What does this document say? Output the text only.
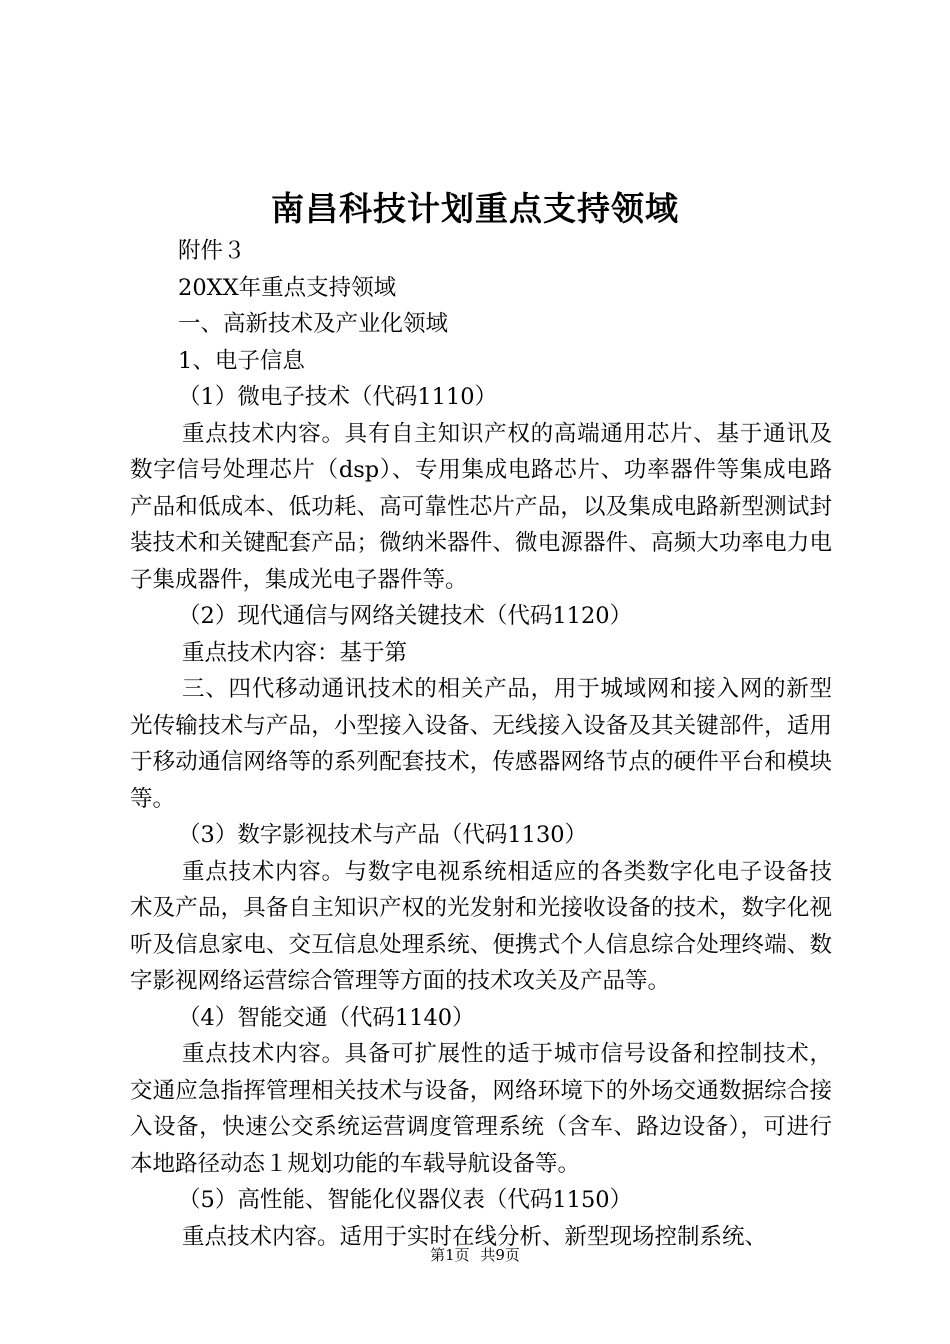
南昌科技计划重点支持领域

附件３

20XX年重点支持领域

一、高新技术及产业化领域

1、电子信息

（1）微电子技术（代码1110）

重点技术内容。具有自主知识产权的高端通用芯片、基于通讯及数字信号处理芯片（dsp）、专用集成电路芯片、功率器件等集成电路产品和低成本、低功耗、高可靠性芯片产品，以及集成电路新型测试封装技术和关键配套产品；微纳米器件、微电源器件、高频大功率电力电子集成器件，集成光电子器件等。

（2）现代通信与网络关键技术（代码1120）

重点技术内容：基于第

三、四代移动通讯技术的相关产品，用于城域网和接入网的新型光传输技术与产品，小型接入设备、无线接入设备及其关键部件，适用于移动通信网络等的系列配套技术，传感器网络节点的硬件平台和模块等。

（3）数字影视技术与产品（代码1130）

重点技术内容。与数字电视系统相适应的各类数字化电子设备技术及产品，具备自主知识产权的光发射和光接收设备的技术，数字化视听及信息家电、交互信息处理系统、便携式个人信息综合处理终端、数字影视网络运营综合管理等方面的技术攻关及产品等。

（4）智能交通（代码1140）

重点技术内容。具备可扩展性的适于城市信号设备和控制技术，交通应急指挥管理相关技术与设备，网络环境下的外场交通数据综合接入设备，快速公交系统运营调度管理系统（含车、路边设备），可进行本地路径动态１规划功能的车载导航设备等。

（5）高性能、智能化仪器仪表（代码1150）

重点技术内容。适用于实时在线分析、新型现场控制系统、

第1页 共9页
